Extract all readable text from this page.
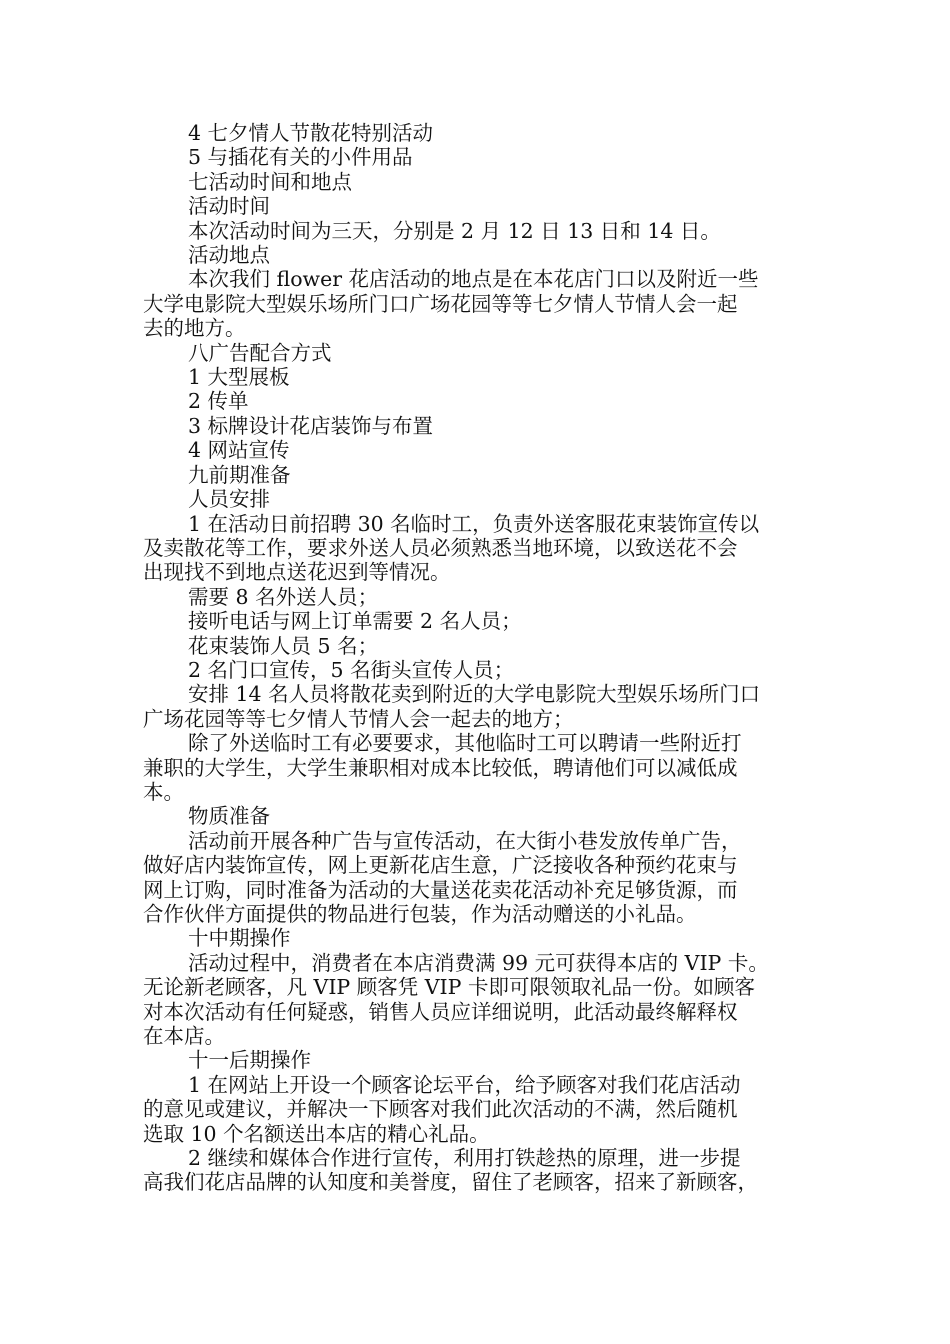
4 七夕情人节散花特别活动

5 与插花有关的小件用品

七活动时间和地点

活动时间

本次活动时间为三天，分别是 2 月 12 日 13 日和 14 日。

活动地点

本次我们 flower 花店活动的地点是在本花店门口以及附近一些

大学电影院大型娱乐场所门口广场花园等等七夕情人节情人会一起

去的地方。

八广告配合方式

1 大型展板

2 传单

3 标牌设计花店装饰与布置

4 网站宣传

九前期准备

人员安排

1 在活动日前招聘 30 名临时工，负责外送客服花束装饰宣传以

及卖散花等工作，要求外送人员必须熟悉当地环境，以致送花不会

出现找不到地点送花迟到等情况。

需要 8 名外送人员；

接听电话与网上订单需要 2 名人员；

花束装饰人员 5 名；

2 名门口宣传，5 名街头宣传人员；

安排 14 名人员将散花卖到附近的大学电影院大型娱乐场所门口

广场花园等等七夕情人节情人会一起去的地方；

除了外送临时工有必要要求，其他临时工可以聘请一些附近打

兼职的大学生，大学生兼职相对成本比较低，聘请他们可以减低成

本。

物质准备

活动前开展各种广告与宣传活动，在大街小巷发放传单广告，

做好店内装饰宣传，网上更新花店生意，广泛接收各种预约花束与

网上订购，同时准备为活动的大量送花卖花活动补充足够货源，而

合作伙伴方面提供的物品进行包装，作为活动赠送的小礼品。

十中期操作

活动过程中，消费者在本店消费满 99 元可获得本店的 VIP 卡。

无论新老顾客，凡 VIP 顾客凭 VIP 卡即可限领取礼品一份。如顾客

对本次活动有任何疑惑，销售人员应详细说明，此活动最终解释权

在本店。

十一后期操作

1 在网站上开设一个顾客论坛平台，给予顾客对我们花店活动

的意见或建议，并解决一下顾客对我们此次活动的不满，然后随机

选取 10 个名额送出本店的精心礼品。

2 继续和媒体合作进行宣传，利用打铁趁热的原理，进一步提

高我们花店品牌的认知度和美誉度，留住了老顾客，招来了新顾客，
